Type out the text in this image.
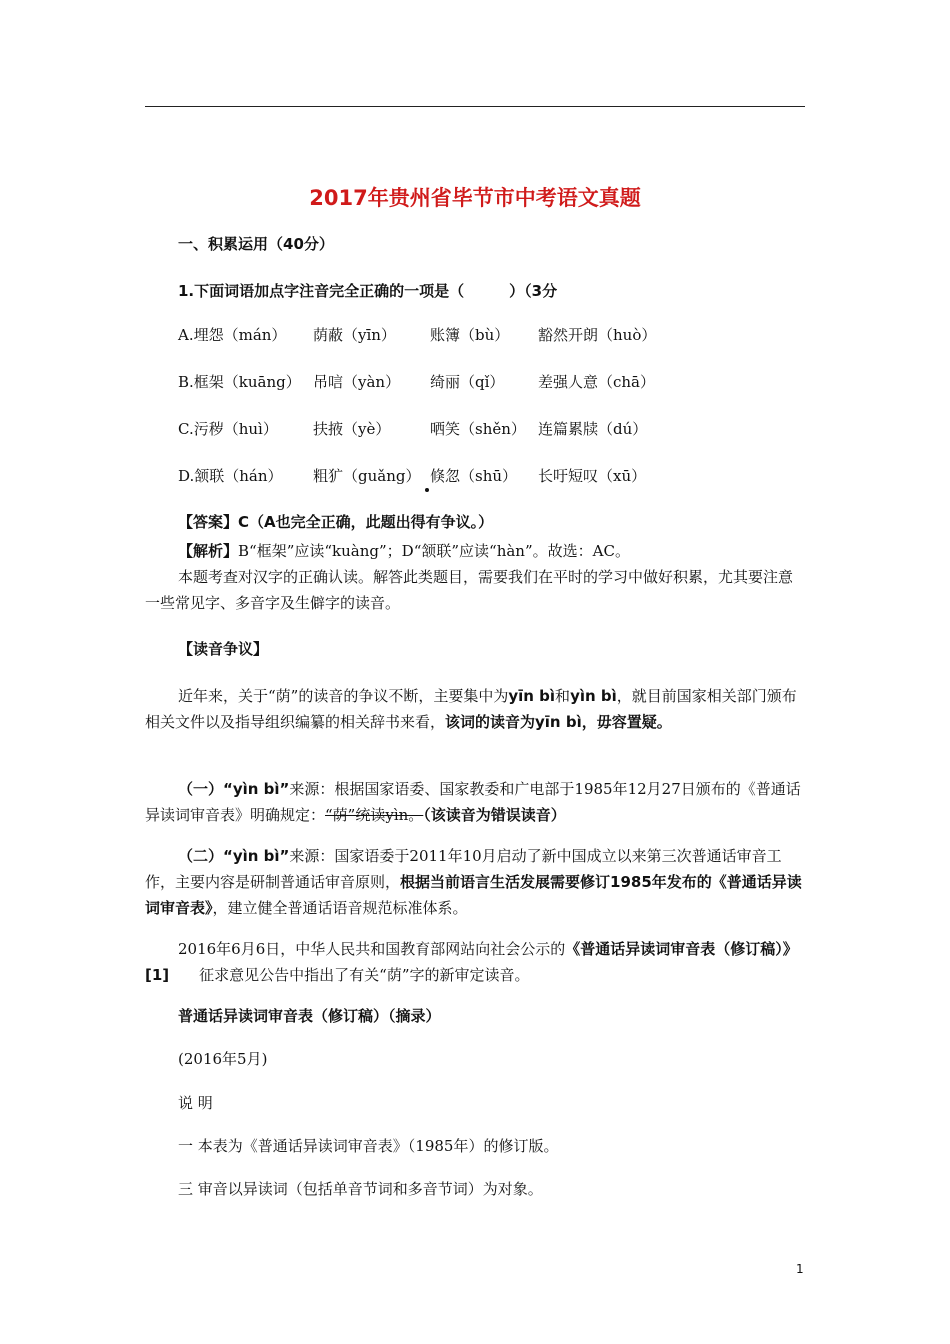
2017年贵州省毕节市中考语文真题
一、积累运用（40分）
1.下面词语加点字注音完全正确的一项是（　　　）（3分
A.埋怨（mán） 荫蔽（yīn） 账簿（bù） 豁然开朗（huò）
B.框架（kuāng） 吊唁（yàn） 绮丽（qǐ） 差强人意（chā）
C.污秽（huì） 扶掖（yè）	哂笑（shěn） 连篇累牍（dú）
D.颔联（hán） 粗犷（guǎng） 倏忽（shū） 长吁短叹（xū）
【答案】C（A也完全正确，此题出得有争议。）
【解析】B“框架”应读“kuàng”；D“颔联”应读“hàn”。故选：AC。
本题考查对汉字的正确认读。解答此类题目，需要我们在平时的学习中做好积累，尤其要注意一些常见字、多音字及生僻字的读音。
【读音争议】
近年来，关于“荫”的读音的争议不断，主要集中为yīn bì和yìn bì，就目前国家相关部门颁布相关文件以及指导组织编纂的相关辞书来看，该词的读音为yīn bì，毋容置疑。
（一）“yìn bì”来源：根据国家语委、国家教委和广电部于1985年12月27日颁布的《普通话异读词审音表》明确规定：“荫”统读yìn。（该读音为错误读音）
（二）“yìn bì”来源：国家语委于2011年10月启动了新中国成立以来第三次普通话审音工作，主要内容是研制普通话审音原则，根据当前语言生活发展需要修订1985年发布的《普通话异读词审音表》，建立健全普通话语音规范标准体系。
2016年6月6日，中华人民共和国教育部网站向社会公示的《普通话异读词审音表（修订稿）》[1]　　征求意见公告中指出了有关“荫”字的新审定读音。
普通话异读词审音表（修订稿）（摘录）
(2016年5月)
说 明
一 本表为《普通话异读词审音表》（1985年）的修订版。
三 审音以异读词（包括单音节词和多音节词）为对象。
1
